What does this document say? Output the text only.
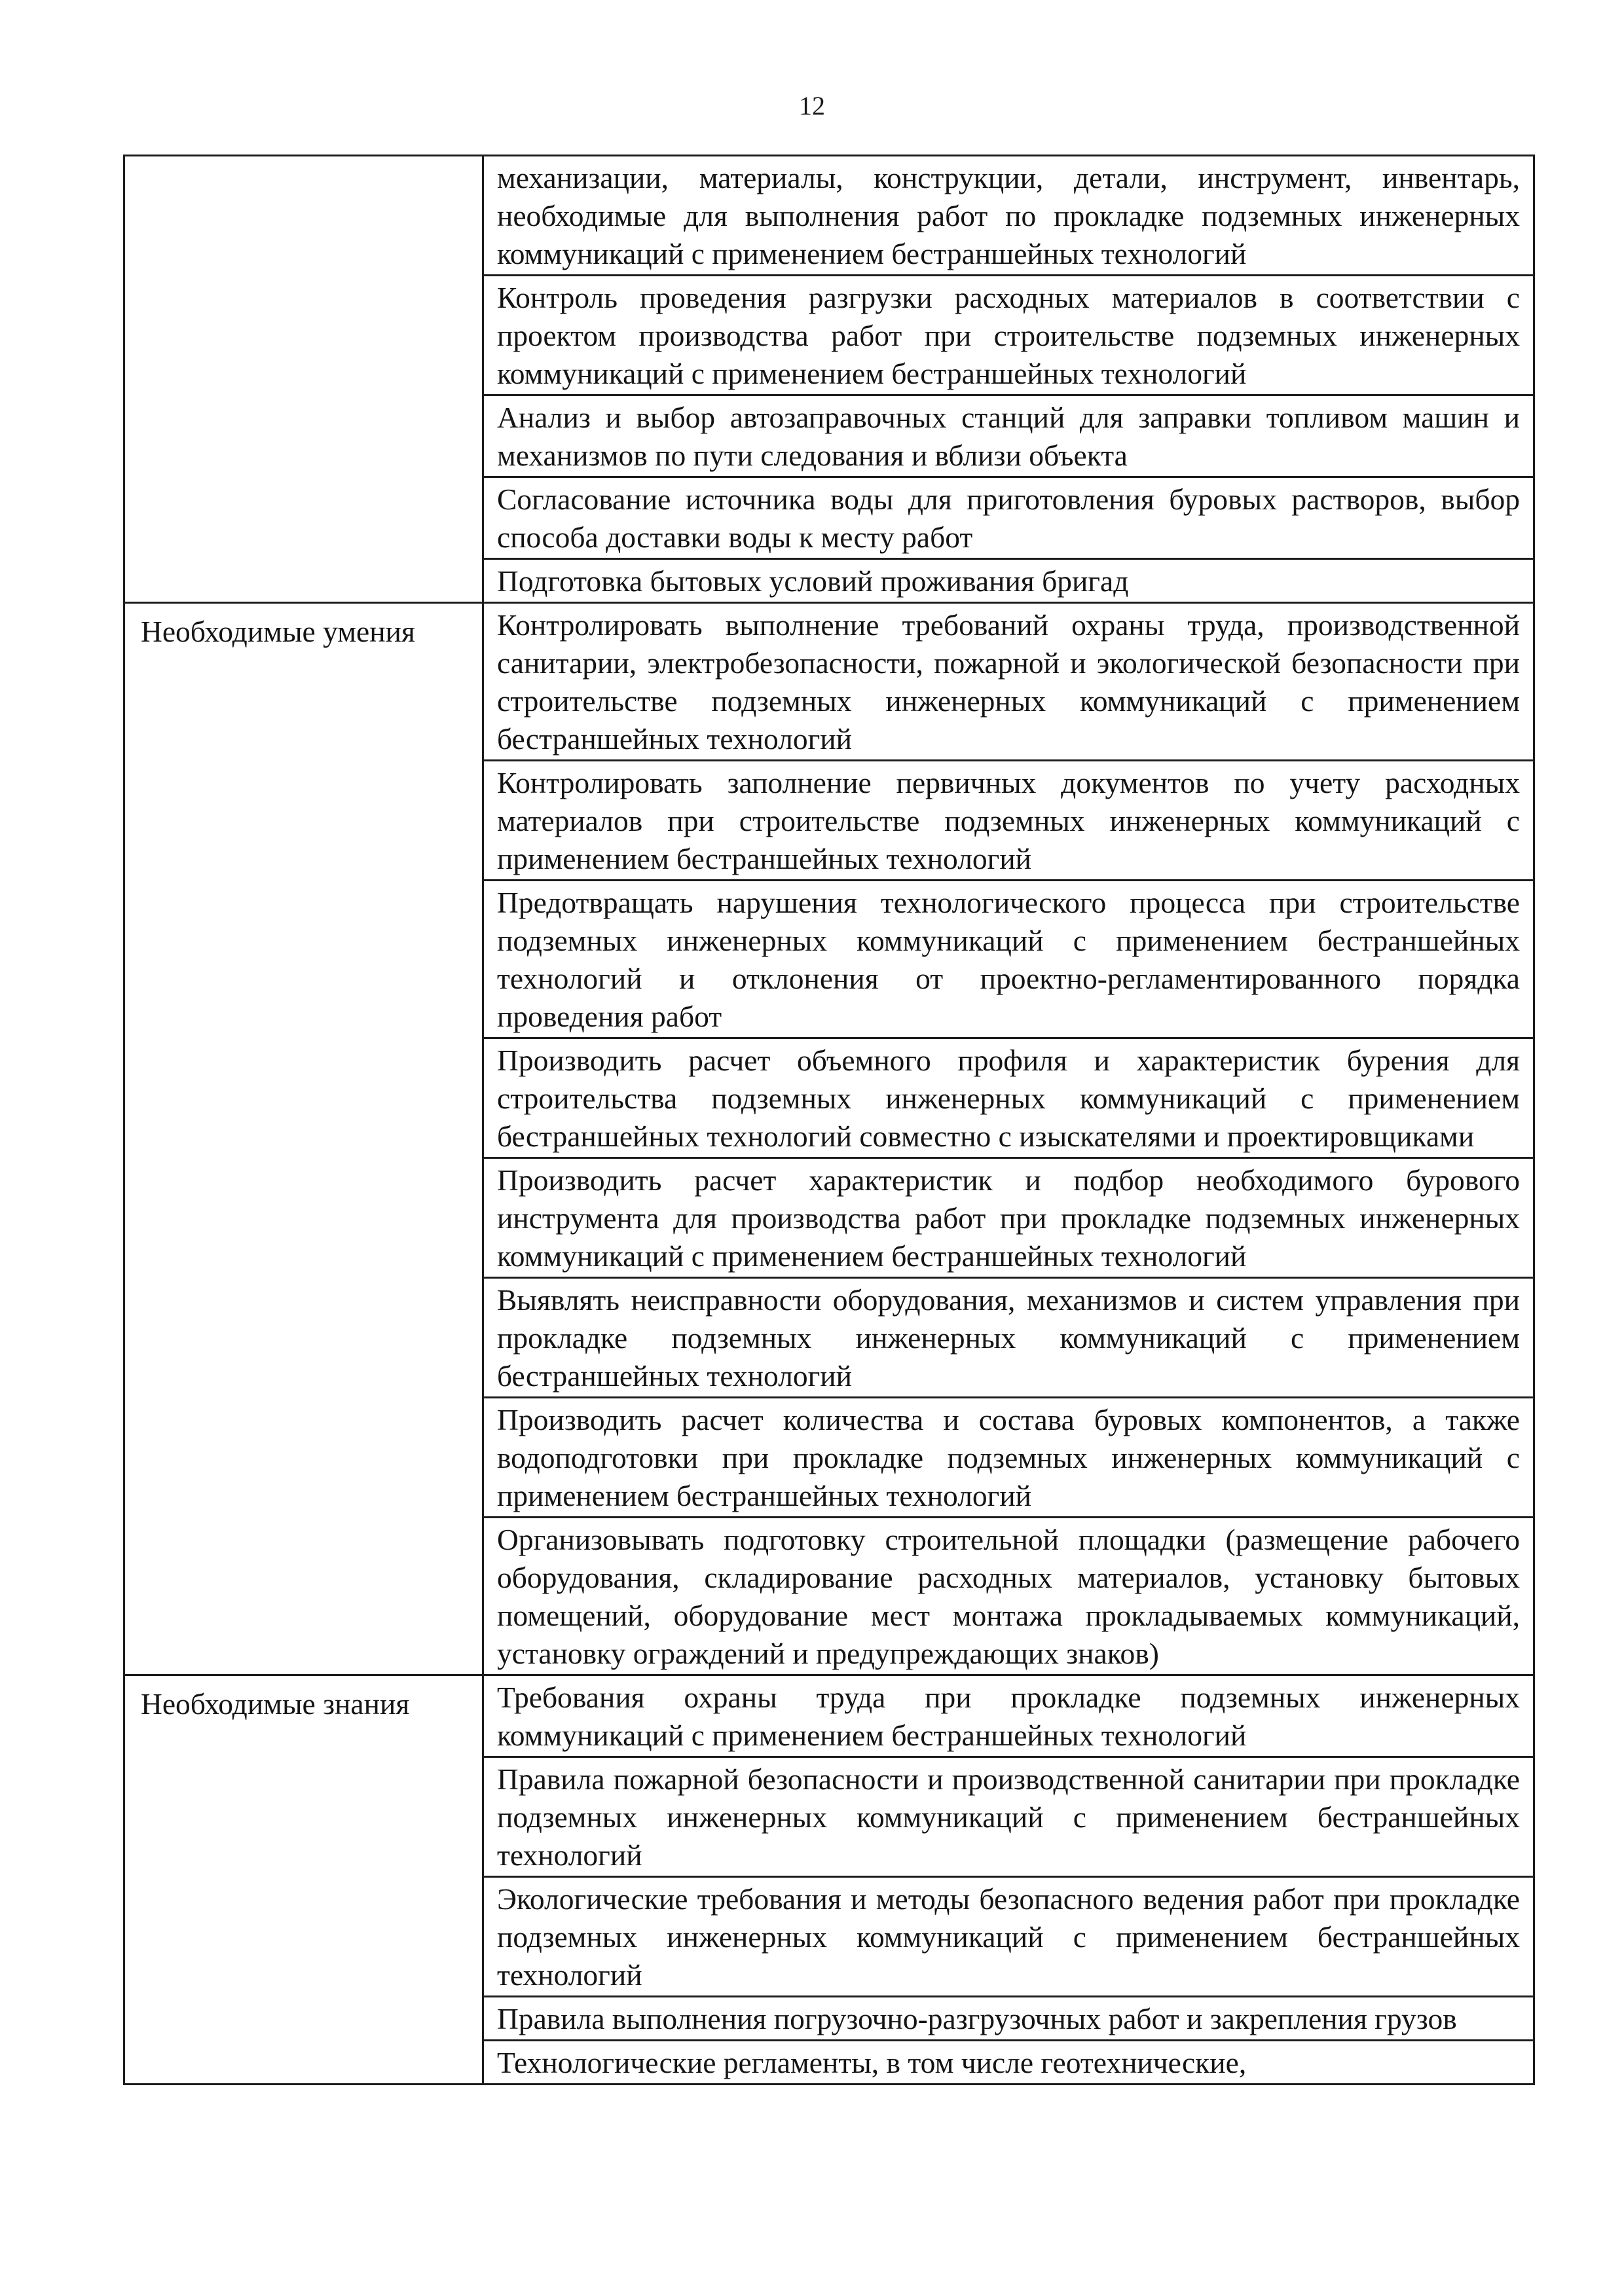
12

	механизации, материалы, конструкции, детали, инструмент, инвентарь, необходимые для выполнения работ по прокладке подземных инженерных коммуникаций с применением бестраншейных технологий

	Контроль проведения разгрузки расходных материалов в соответствии с проектом производства работ при строительстве подземных инженерных коммуникаций с применением бестраншейных технологий

	Анализ и выбор автозаправочных станций для заправки топливом машин и механизмов по пути следования и вблизи объекта

	Согласование источника воды для приготовления буровых растворов, выбор способа доставки воды к месту работ

	Подготовка бытовых условий проживания бригад

Необходимые умения	Контролировать выполнение требований охраны труда, производственной санитарии, электробезопасности, пожарной и экологической безопасности при строительстве подземных инженерных коммуникаций с применением бестраншейных технологий

	Контролировать заполнение первичных документов по учету расходных материалов при строительстве подземных инженерных коммуникаций с применением бестраншейных технологий

	Предотвращать нарушения технологического процесса при строительстве подземных инженерных коммуникаций с применением бестраншейных технологий и отклонения от проектно-регламентированного порядка проведения работ

	Производить расчет объемного профиля и характеристик бурения для строительства подземных инженерных коммуникаций с применением бестраншейных технологий совместно с изыскателями и проектировщиками

	Производить расчет характеристик и подбор необходимого бурового инструмента для производства работ при прокладке подземных инженерных коммуникаций с применением бестраншейных технологий

	Выявлять неисправности оборудования, механизмов и систем управления при прокладке подземных инженерных коммуникаций с применением бестраншейных технологий

	Производить расчет количества и состава буровых компонентов, а также водоподготовки при прокладке подземных инженерных коммуникаций с применением бестраншейных технологий

	Организовывать подготовку строительной площадки (размещение рабочего оборудования, складирование расходных материалов, установку бытовых помещений, оборудование мест монтажа прокладываемых коммуникаций, установку ограждений и предупреждающих знаков)

Необходимые знания	Требования охраны труда при прокладке подземных инженерных коммуникаций с применением бестраншейных технологий

	Правила пожарной безопасности и производственной санитарии при прокладке подземных инженерных коммуникаций с применением бестраншейных технологий

	Экологические требования и методы безопасного ведения работ при прокладке подземных инженерных коммуникаций с применением бестраншейных технологий

	Правила выполнения погрузочно-разгрузочных работ и закрепления грузов

	Технологические регламенты, в том числе геотехнические,
